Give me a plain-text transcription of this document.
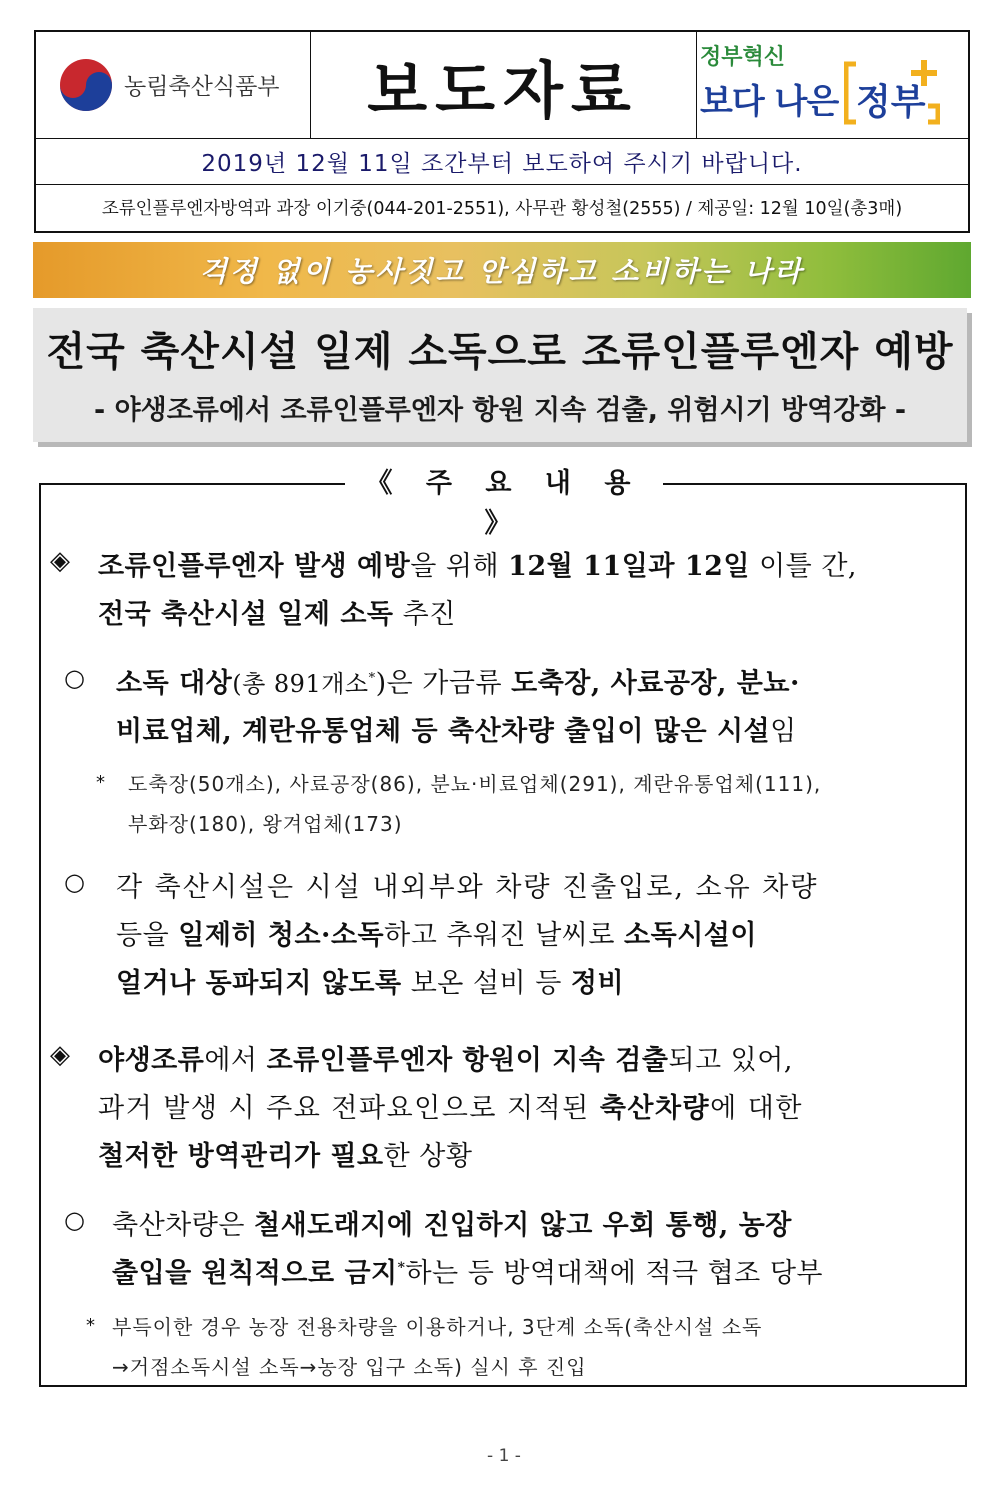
농림축산식품부	보도자료	정부혁신
보다 나은 정부
2019년 12월 11일 조간부터 보도하여 주시기 바랍니다.
조류인플루엔자방역과 과장 이기중(044-201-2551), 사무관 황성철(2555) / 제공일: 12월 10일(총3매)
걱정 없이 농사짓고 안심하고 소비하는 나라
전국 축산시설 일제 소독으로 조류인플루엔자 예방
- 야생조류에서 조류인플루엔자 항원 지속 검출, 위험시기 방역강화 -
《 주 요 내 용 》
◈ 조류인플루엔자 발생 예방을 위해 12월 11일과 12일 이틀 간,
전국 축산시설 일제 소독 추진
○ 소독 대상(총 891개소*)은 가금류 도축장, 사료공장, 분뇨·
비료업체, 계란유통업체 등 축산차량 출입이 많은 시설임
* 도축장(50개소), 사료공장(86), 분뇨·비료업체(291), 계란유통업체(111),
부화장(180), 왕겨업체(173)
○ 각 축산시설은 시설 내외부와 차량 진출입로, 소유 차량
등을 일제히 청소·소독하고 추워진 날씨로 소독시설이
얼거나 동파되지 않도록 보온 설비 등 정비
◈ 야생조류에서 조류인플루엔자 항원이 지속 검출되고 있어,
과거 발생 시 주요 전파요인으로 지적된 축산차량에 대한
철저한 방역관리가 필요한 상황
○ 축산차량은 철새도래지에 진입하지 않고 우회 통행, 농장
출입을 원칙적으로 금지*하는 등 방역대책에 적극 협조 당부
* 부득이한 경우 농장 전용차량을 이용하거나, 3단계 소독(축산시설 소독
→거점소독시설 소독→농장 입구 소독) 실시 후 진입
- 1 -
